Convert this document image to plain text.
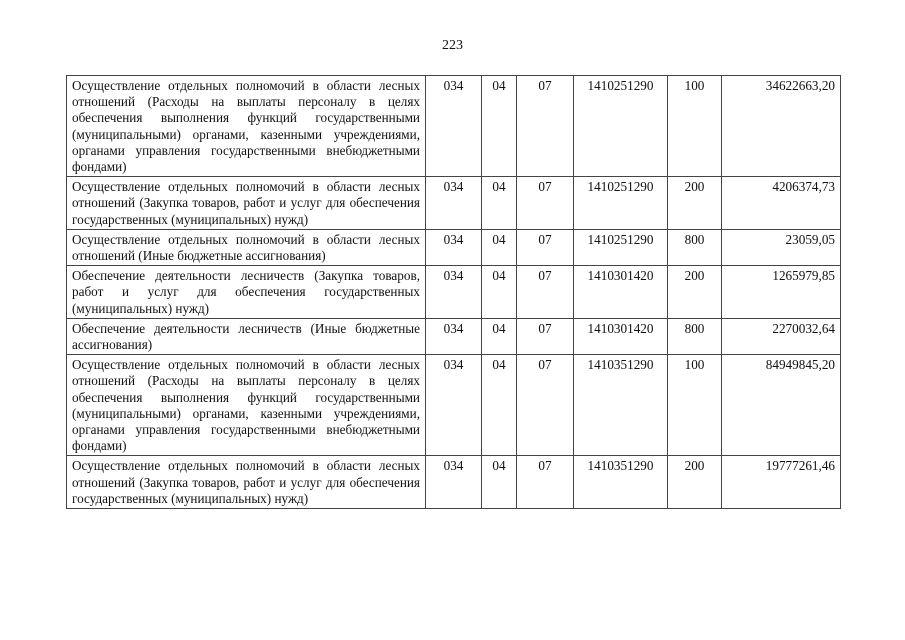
223
Осуществление отдельных полномочий в области лесных отношений (Расходы на выплаты персоналу в целях обеспечения выполнения функций государственными (муниципальными) органами, казенными учреждениями, органами управления государственными внебюджетными фондами)	034	04	07	1410251290	100	34622663,20
Осуществление отдельных полномочий в области лесных отношений (Закупка товаров, работ и услуг для обеспечения государственных (муниципальных) нужд)	034	04	07	1410251290	200	4206374,73
Осуществление отдельных полномочий в области лесных отношений (Иные бюджетные ассигнования)	034	04	07	1410251290	800	23059,05
Обеспечение деятельности лесничеств (Закупка товаров, работ и услуг для обеспечения государственных (муниципальных) нужд)	034	04	07	1410301420	200	1265979,85
Обеспечение деятельности лесничеств (Иные бюджетные ассигнования)	034	04	07	1410301420	800	2270032,64
Осуществление отдельных полномочий в области лесных отношений (Расходы на выплаты персоналу в целях обеспечения выполнения функций государственными (муниципальными) органами, казенными учреждениями, органами управления государственными внебюджетными фондами)	034	04	07	1410351290	100	84949845,20
Осуществление отдельных полномочий в области лесных отношений (Закупка товаров, работ и услуг для обеспечения государственных (муниципальных) нужд)	034	04	07	1410351290	200	19777261,46
